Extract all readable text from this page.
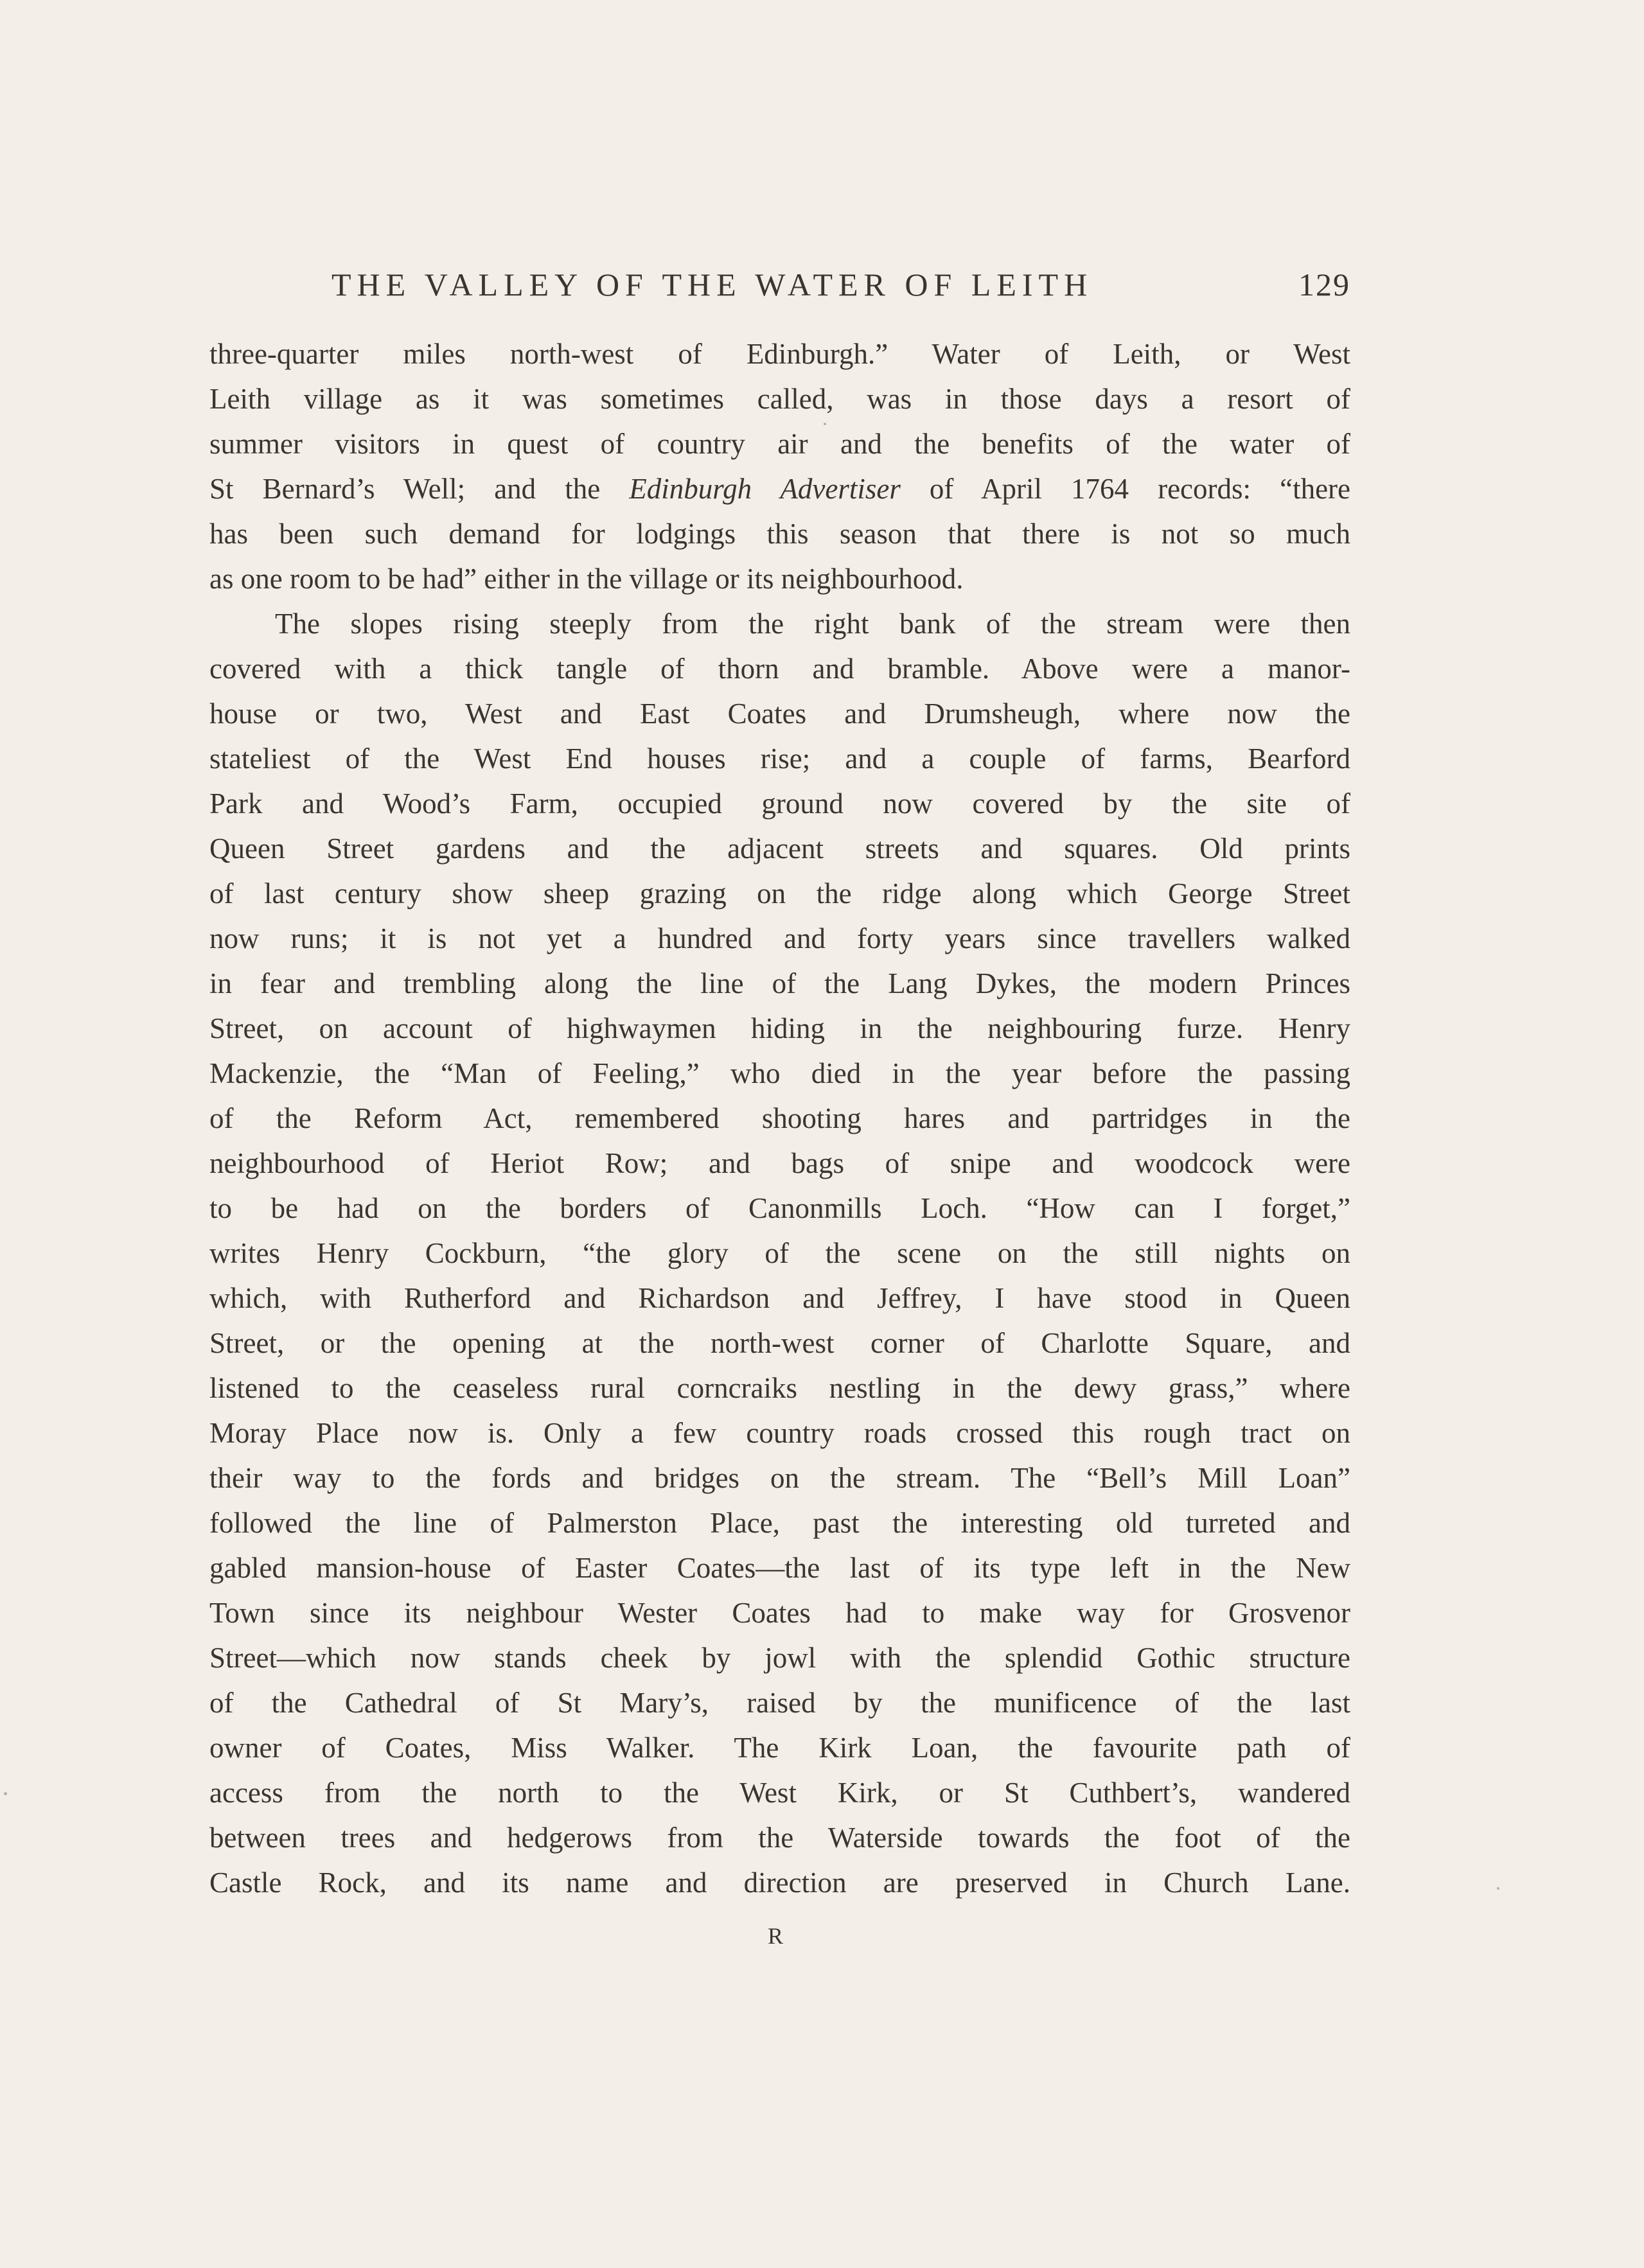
THE VALLEY OF THE WATER OF LEITH	129
three-quarter miles north-west of Edinburgh.” Water of Leith, or West
Leith village as it was sometimes called, was in those days a resort of
summer visitors in quest of country air and the benefits of the water of
St Bernard’s Well; and the Edinburgh Advertiser of April 1764 records: “there
has been such demand for lodgings this season that there is not so much
as one room to be had” either in the village or its neighbourhood.
The slopes rising steeply from the right bank of the stream were then
covered with a thick tangle of thorn and bramble. Above were a manor-
house or two, West and East Coates and Drumsheugh, where now the
stateliest of the West End houses rise; and a couple of farms, Bearford
Park and Wood’s Farm, occupied ground now covered by the site of
Queen Street gardens and the adjacent streets and squares. Old prints
of last century show sheep grazing on the ridge along which George Street
now runs; it is not yet a hundred and forty years since travellers walked
in fear and trembling along the line of the Lang Dykes, the modern Princes
Street, on account of highwaymen hiding in the neighbouring furze. Henry
Mackenzie, the “Man of Feeling,” who died in the year before the passing
of the Reform Act, remembered shooting hares and partridges in the
neighbourhood of Heriot Row; and bags of snipe and woodcock were
to be had on the borders of Canonmills Loch. “How can I forget,”
writes Henry Cockburn, “the glory of the scene on the still nights on
which, with Rutherford and Richardson and Jeffrey, I have stood in Queen
Street, or the opening at the north-west corner of Charlotte Square, and
listened to the ceaseless rural corncraiks nestling in the dewy grass,” where
Moray Place now is. Only a few country roads crossed this rough tract on
their way to the fords and bridges on the stream. The “Bell’s Mill Loan”
followed the line of Palmerston Place, past the interesting old turreted and
gabled mansion-house of Easter Coates—the last of its type left in the New
Town since its neighbour Wester Coates had to make way for Grosvenor
Street—which now stands cheek by jowl with the splendid Gothic structure
of the Cathedral of St Mary’s, raised by the munificence of the last
owner of Coates, Miss Walker. The Kirk Loan, the favourite path of
access from the north to the West Kirk, or St Cuthbert’s, wandered
between trees and hedgerows from the Waterside towards the foot of the
Castle Rock, and its name and direction are preserved in Church Lane.
R
